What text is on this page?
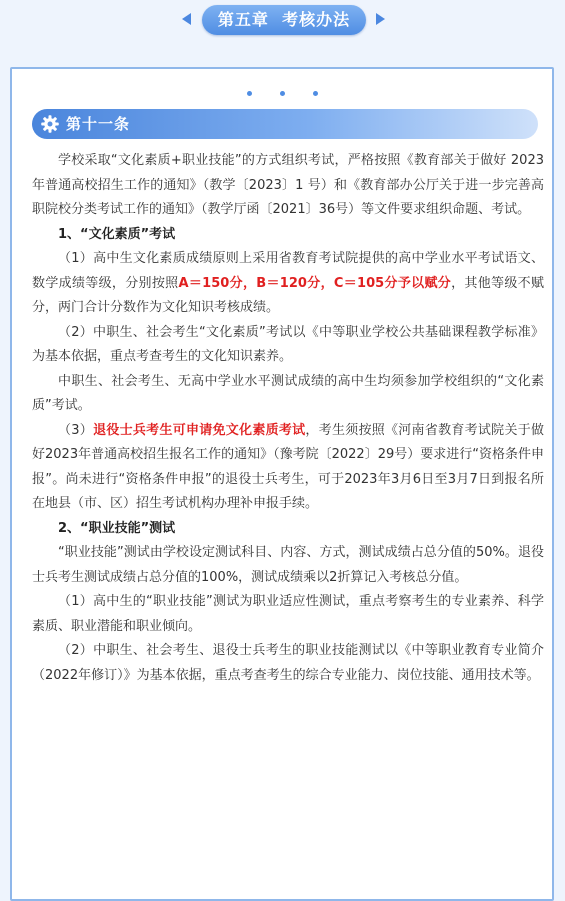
第五章  考核办法
第十一条

学校采取“文化素质+职业技能”的方式组织考试，严格按照《教育部关于做好 2023年普通高校招生工作的通知》（教学〔2023〕1 号）和《教育部办公厅关于进一步完善高职院校分类考试工作的通知》（教学厅函〔2021〕36号）等文件要求组织命题、考试。

1、“文化素质”考试

（1）高中生文化素质成绩原则上采用省教育考试院提供的高中学业水平考试语文、数学成绩等级，分别按照A＝150分，B＝120分，C＝105分予以赋分，其他等级不赋分，两门合计分数作为文化知识考核成绩。

（2）中职生、社会考生“文化素质”考试以《中等职业学校公共基础课程教学标准》为基本依据，重点考查考生的文化知识素养。

中职生、社会考生、无高中学业水平测试成绩的高中生均须参加学校组织的“文化素质”考试。

（3）退役士兵考生可申请免文化素质考试，考生须按照《河南省教育考试院关于做好2023年普通高校招生报名工作的通知》（豫考院〔2022〕29号）要求进行“资格条件申报”。尚未进行“资格条件申报”的退役士兵考生，可于2023年3月6日至3月7日到报名所在地县（市、区）招生考试机构办理补申报手续。

2、“职业技能”测试

“职业技能”测试由学校设定测试科目、内容、方式，测试成绩占总分值的50%。退役士兵考生测试成绩占总分值的100%，测试成绩乘以2折算记入考核总分值。

（1）高中生的“职业技能”测试为职业适应性测试，重点考察考生的专业素养、科学素质、职业潜能和职业倾向。

（2）中职生、社会考生、退役士兵考生的职业技能测试以《中等职业教育专业简介（2022年修订）》为基本依据，重点考查考生的综合专业能力、岗位技能、通用技术等。
